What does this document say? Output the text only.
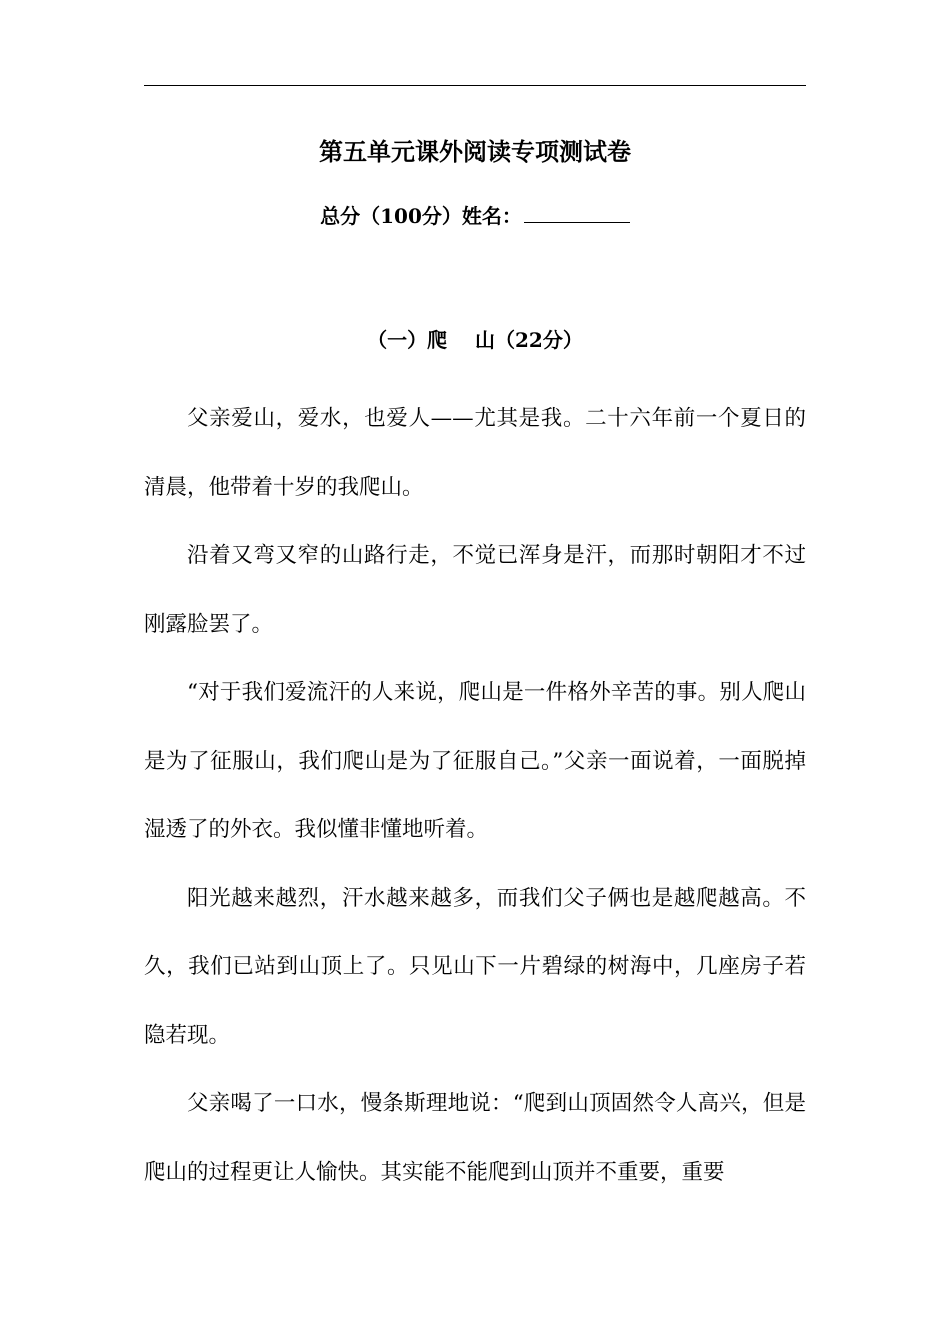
第五单元课外阅读专项测试卷
总分（100分）姓名：
（一）爬    山（22分）

父亲爱山，爱水，也爱人——尤其是我。二十六年前一个夏日的清晨，他带着十岁的我爬山。

沿着又弯又窄的山路行走，不觉已浑身是汗，而那时朝阳才不过刚露脸罢了。

“对于我们爱流汗的人来说，爬山是一件格外辛苦的事。别人爬山是为了征服山，我们爬山是为了征服自己。”父亲一面说着，一面脱掉湿透了的外衣。我似懂非懂地听着。

阳光越来越烈，汗水越来越多，而我们父子俩也是越爬越高。不久，我们已站到山顶上了。只见山下一片碧绿的树海中，几座房子若隐若现。

父亲喝了一口水，慢条斯理地说：“爬到山顶固然令人高兴，但是爬山的过程更让人愉快。其实能不能爬到山顶并不重要，重要
